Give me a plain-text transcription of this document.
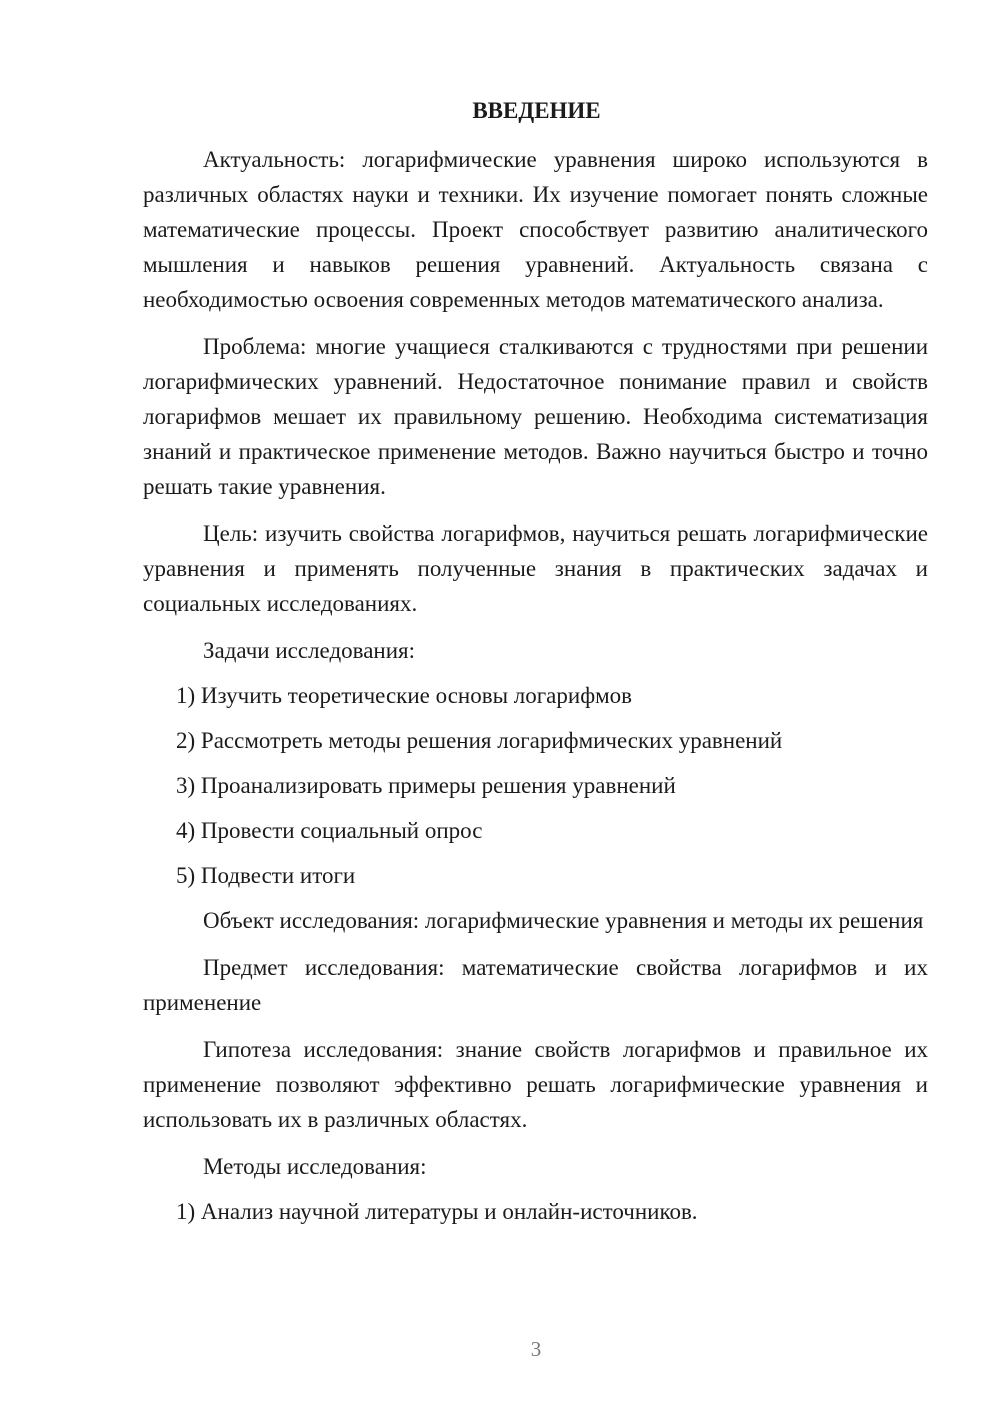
ВВЕДЕНИЕ

Актуальность: логарифмические уравнения широко используются в различных областях науки и техники. Их изучение помогает понять сложные математические процессы. Проект способствует развитию аналитического мышления и навыков решения уравнений. Актуальность связана с необходимостью освоения современных методов математического анализа.

Проблема: многие учащиеся сталкиваются с трудностями при решении логарифмических уравнений. Недостаточное понимание правил и свойств логарифмов мешает их правильному решению. Необходима систематизация знаний и практическое применение методов. Важно научиться быстро и точно решать такие уравнения.

Цель: изучить свойства логарифмов, научиться решать логарифмические уравнения и применять полученные знания в практических задачах и социальных исследованиях.

Задачи исследования:

1) Изучить теоретические основы логарифмов

2) Рассмотреть методы решения логарифмических уравнений

3) Проанализировать примеры решения уравнений

4) Провести социальный опрос

5) Подвести итоги

Объект исследования: логарифмические уравнения и методы их решения

Предмет исследования: математические свойства логарифмов и их применение

Гипотеза исследования: знание свойств логарифмов и правильное их применение позволяют эффективно решать логарифмические уравнения и использовать их в различных областях.

Методы исследования:

1) Анализ научной литературы и онлайн-источников.

3
